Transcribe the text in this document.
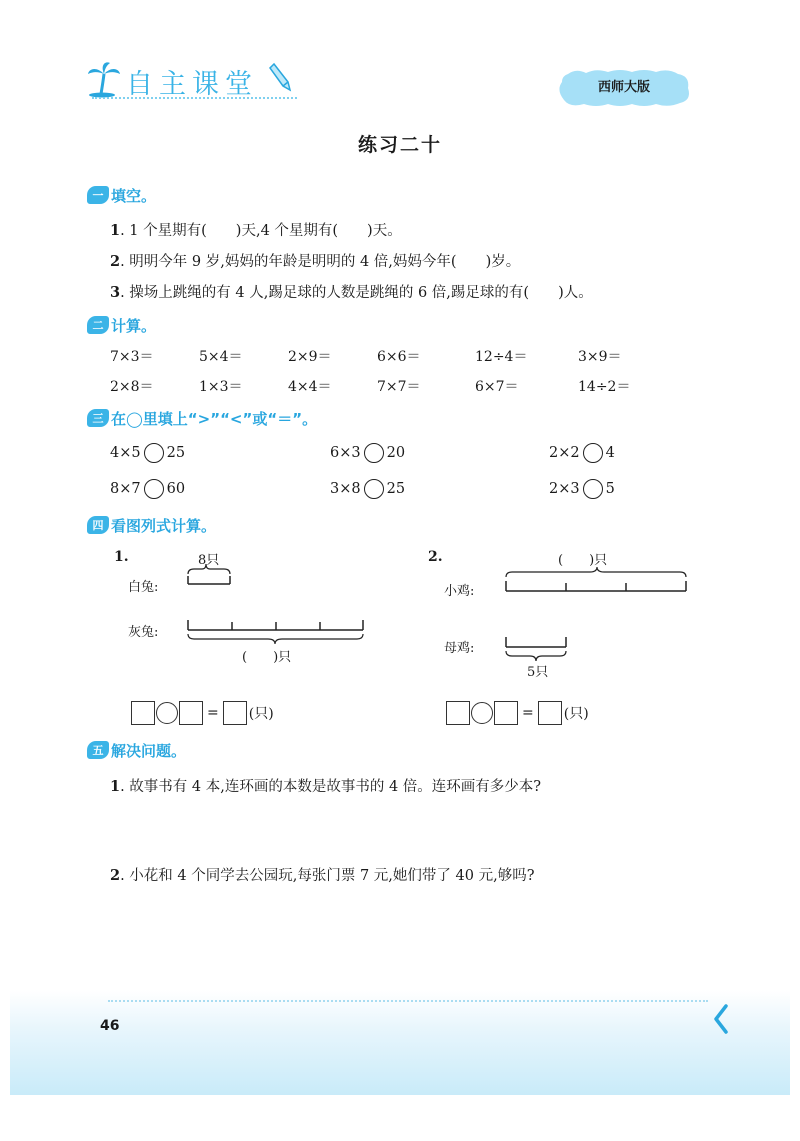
自主课堂	西师大版
练习二十
一 填空。
1. 1 个星期有(　　)天,4 个星期有(　　)天。
2. 明明今年 9 岁,妈妈的年龄是明明的 4 倍,妈妈今年(　　)岁。
3. 操场上跳绳的有 4 人,踢足球的人数是跳绳的 6 倍,踢足球的有(　　)人。
二 计算。
7×3＝	5×4＝	2×9＝	6×6＝	12÷4＝	3×9＝
2×8＝	1×3＝	4×4＝	7×7＝	6×7＝	14÷2＝
三 在◯里填上“>”“<”或“＝”。
4×5 25	6×3 20	2×2 4
8×7 60	3×8 25	2×3 5
四 看图列式计算。
1.	8只
白兔:
灰兔:
(　　)只
= (只)
2.	(　　)只
小鸡:
母鸡:
5只
= (只)
五 解决问题。
1. 故事书有 4 本,连环画的本数是故事书的 4 倍。连环画有多少本?
2. 小花和 4 个同学去公园玩,每张门票 7 元,她们带了 40 元,够吗?
46
